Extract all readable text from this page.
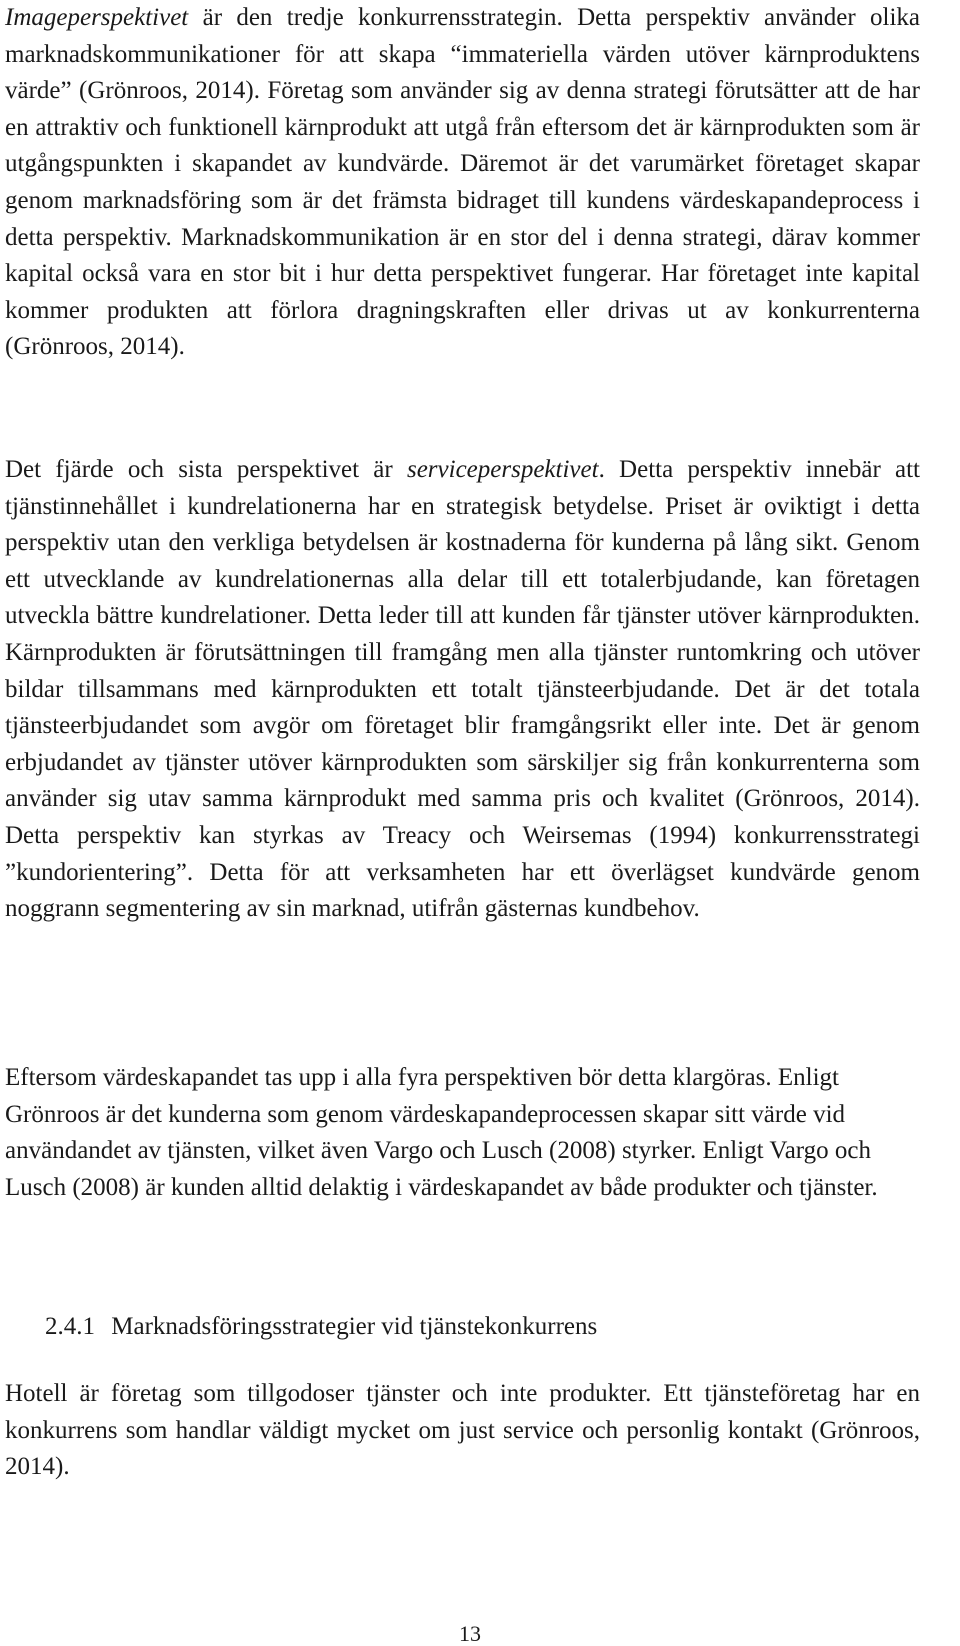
Imageperspektivet är den tredje konkurrensstrategin. Detta perspektiv använder olika marknadskommunikationer för att skapa “immateriella värden utöver kärnproduktens värde” (Grönroos, 2014). Företag som använder sig av denna strategi förutsätter att de har en attraktiv och funktionell kärnprodukt att utgå från eftersom det är kärnprodukten som är utgångspunkten i skapandet av kundvärde. Däremot är det varumärket företaget skapar genom marknadsföring som är det främsta bidraget till kundens värdeskapandeprocess i detta perspektiv. Marknadskommunikation är en stor del i denna strategi, därav kommer kapital också vara en stor bit i hur detta perspektivet fungerar. Har företaget inte kapital kommer produkten att förlora dragningskraften eller drivas ut av konkurrenterna (Grönroos, 2014).

Det fjärde och sista perspektivet är serviceperspektivet. Detta perspektiv innebär att tjänstinnehållet i kundrelationerna har en strategisk betydelse. Priset är oviktigt i detta perspektiv utan den verkliga betydelsen är kostnaderna för kunderna på lång sikt. Genom ett utvecklande av kundrelationernas alla delar till ett totalerbjudande, kan företagen utveckla bättre kundrelationer. Detta leder till att kunden får tjänster utöver kärnprodukten. Kärnprodukten är förutsättningen till framgång men alla tjänster runtomkring och utöver bildar tillsammans med kärnprodukten ett totalt tjänsteerbjudande. Det är det totala tjänsteerbjudandet som avgör om företaget blir framgångsrikt eller inte. Det är genom erbjudandet av tjänster utöver kärnprodukten som särskiljer sig från konkurrenterna som använder sig utav samma kärnprodukt med samma pris och kvalitet (Grönroos, 2014). Detta perspektiv kan styrkas av Treacy och Weirsemas (1994) konkurrensstrategi ”kundorientering”. Detta för att verksamheten har ett överlägset kundvärde genom noggrann segmentering av sin marknad, utifrån gästernas kundbehov.

Eftersom värdeskapandet tas upp i alla fyra perspektiven bör detta klargöras. Enligt Grönroos är det kunderna som genom värdeskapandeprocessen skapar sitt värde vid användandet av tjänsten, vilket även Vargo och Lusch (2008) styrker. Enligt Vargo och Lusch (2008) är kunden alltid delaktig i värdeskapandet av både produkter och tjänster.

2.4.1 Marknadsföringsstrategier vid tjänstekonkurrens

Hotell är företag som tillgodoser tjänster och inte produkter. Ett tjänsteföretag har en konkurrens som handlar väldigt mycket om just service och personlig kontakt (Grönroos, 2014).

13
